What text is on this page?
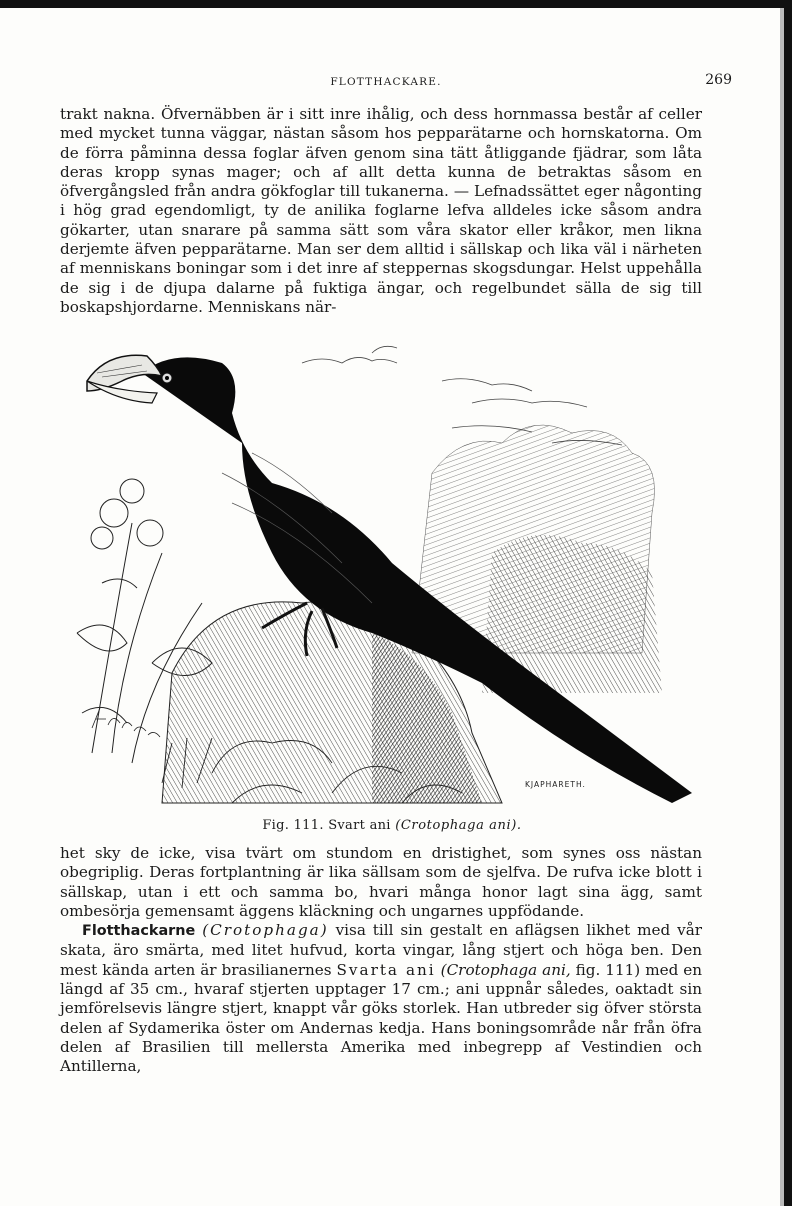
FLOTTHACKARE.	269

trakt nakna. Öfvernäbben är i sitt inre ihålig, och dess hornmassa består af celler med mycket tunna väggar, nästan såsom hos pepparätarne och hornskatorna. Om de förra påminna dessa foglar äfven genom sina tätt åtliggande fjädrar, som låta deras kropp synas mager; och af allt detta kunna de betraktas såsom en öfvergångsled från andra gökfoglar till tukanerna. — Lefnadssättet eger någonting i hög grad egendomligt, ty de anilika foglarne lefva alldeles icke såsom andra gökarter, utan snarare på samma sätt som våra skator eller kråkor, men likna derjemte äfven pepparätarne. Man ser dem alltid i sällskap och lika väl i närheten af menniskans boningar som i det inre af steppernas skogsdungar. Helst uppehålla de sig i de djupa dalarne på fuktiga ängar, och regelbundet sälla de sig till boskapshjordarne. Menniskans när-

KJAPHARETH.
Fig. 111. Svart ani (Crotophaga ani).

het sky de icke, visa tvärt om stundom en dristighet, som synes oss nästan obegriplig. Deras fortplantning är lika sällsam som de sjelfva. De rufva icke blott i sällskap, utan i ett och samma bo, hvari många honor lagt sina ägg, samt ombesörja gemensamt äggens kläckning och ungarnes uppfödande.

Flotthackarne (Crotophaga) visa till sin gestalt en aflägsen likhet med vår skata, äro smärta, med litet hufvud, korta vingar, lång stjert och höga ben. Den mest kända arten är brasilianernes Svarta ani (Crotophaga ani, fig. 111) med en längd af 35 cm., hvaraf stjerten upptager 17 cm.; ani uppnår således, oaktadt sin jemförelsevis längre stjert, knappt vår göks storlek. Han utbreder sig öfver största delen af Sydamerika öster om Andernas kedja. Hans boningsområde når från öfra delen af Brasilien till mellersta Amerika med inbegrepp af Vestindien och Antillerna,
